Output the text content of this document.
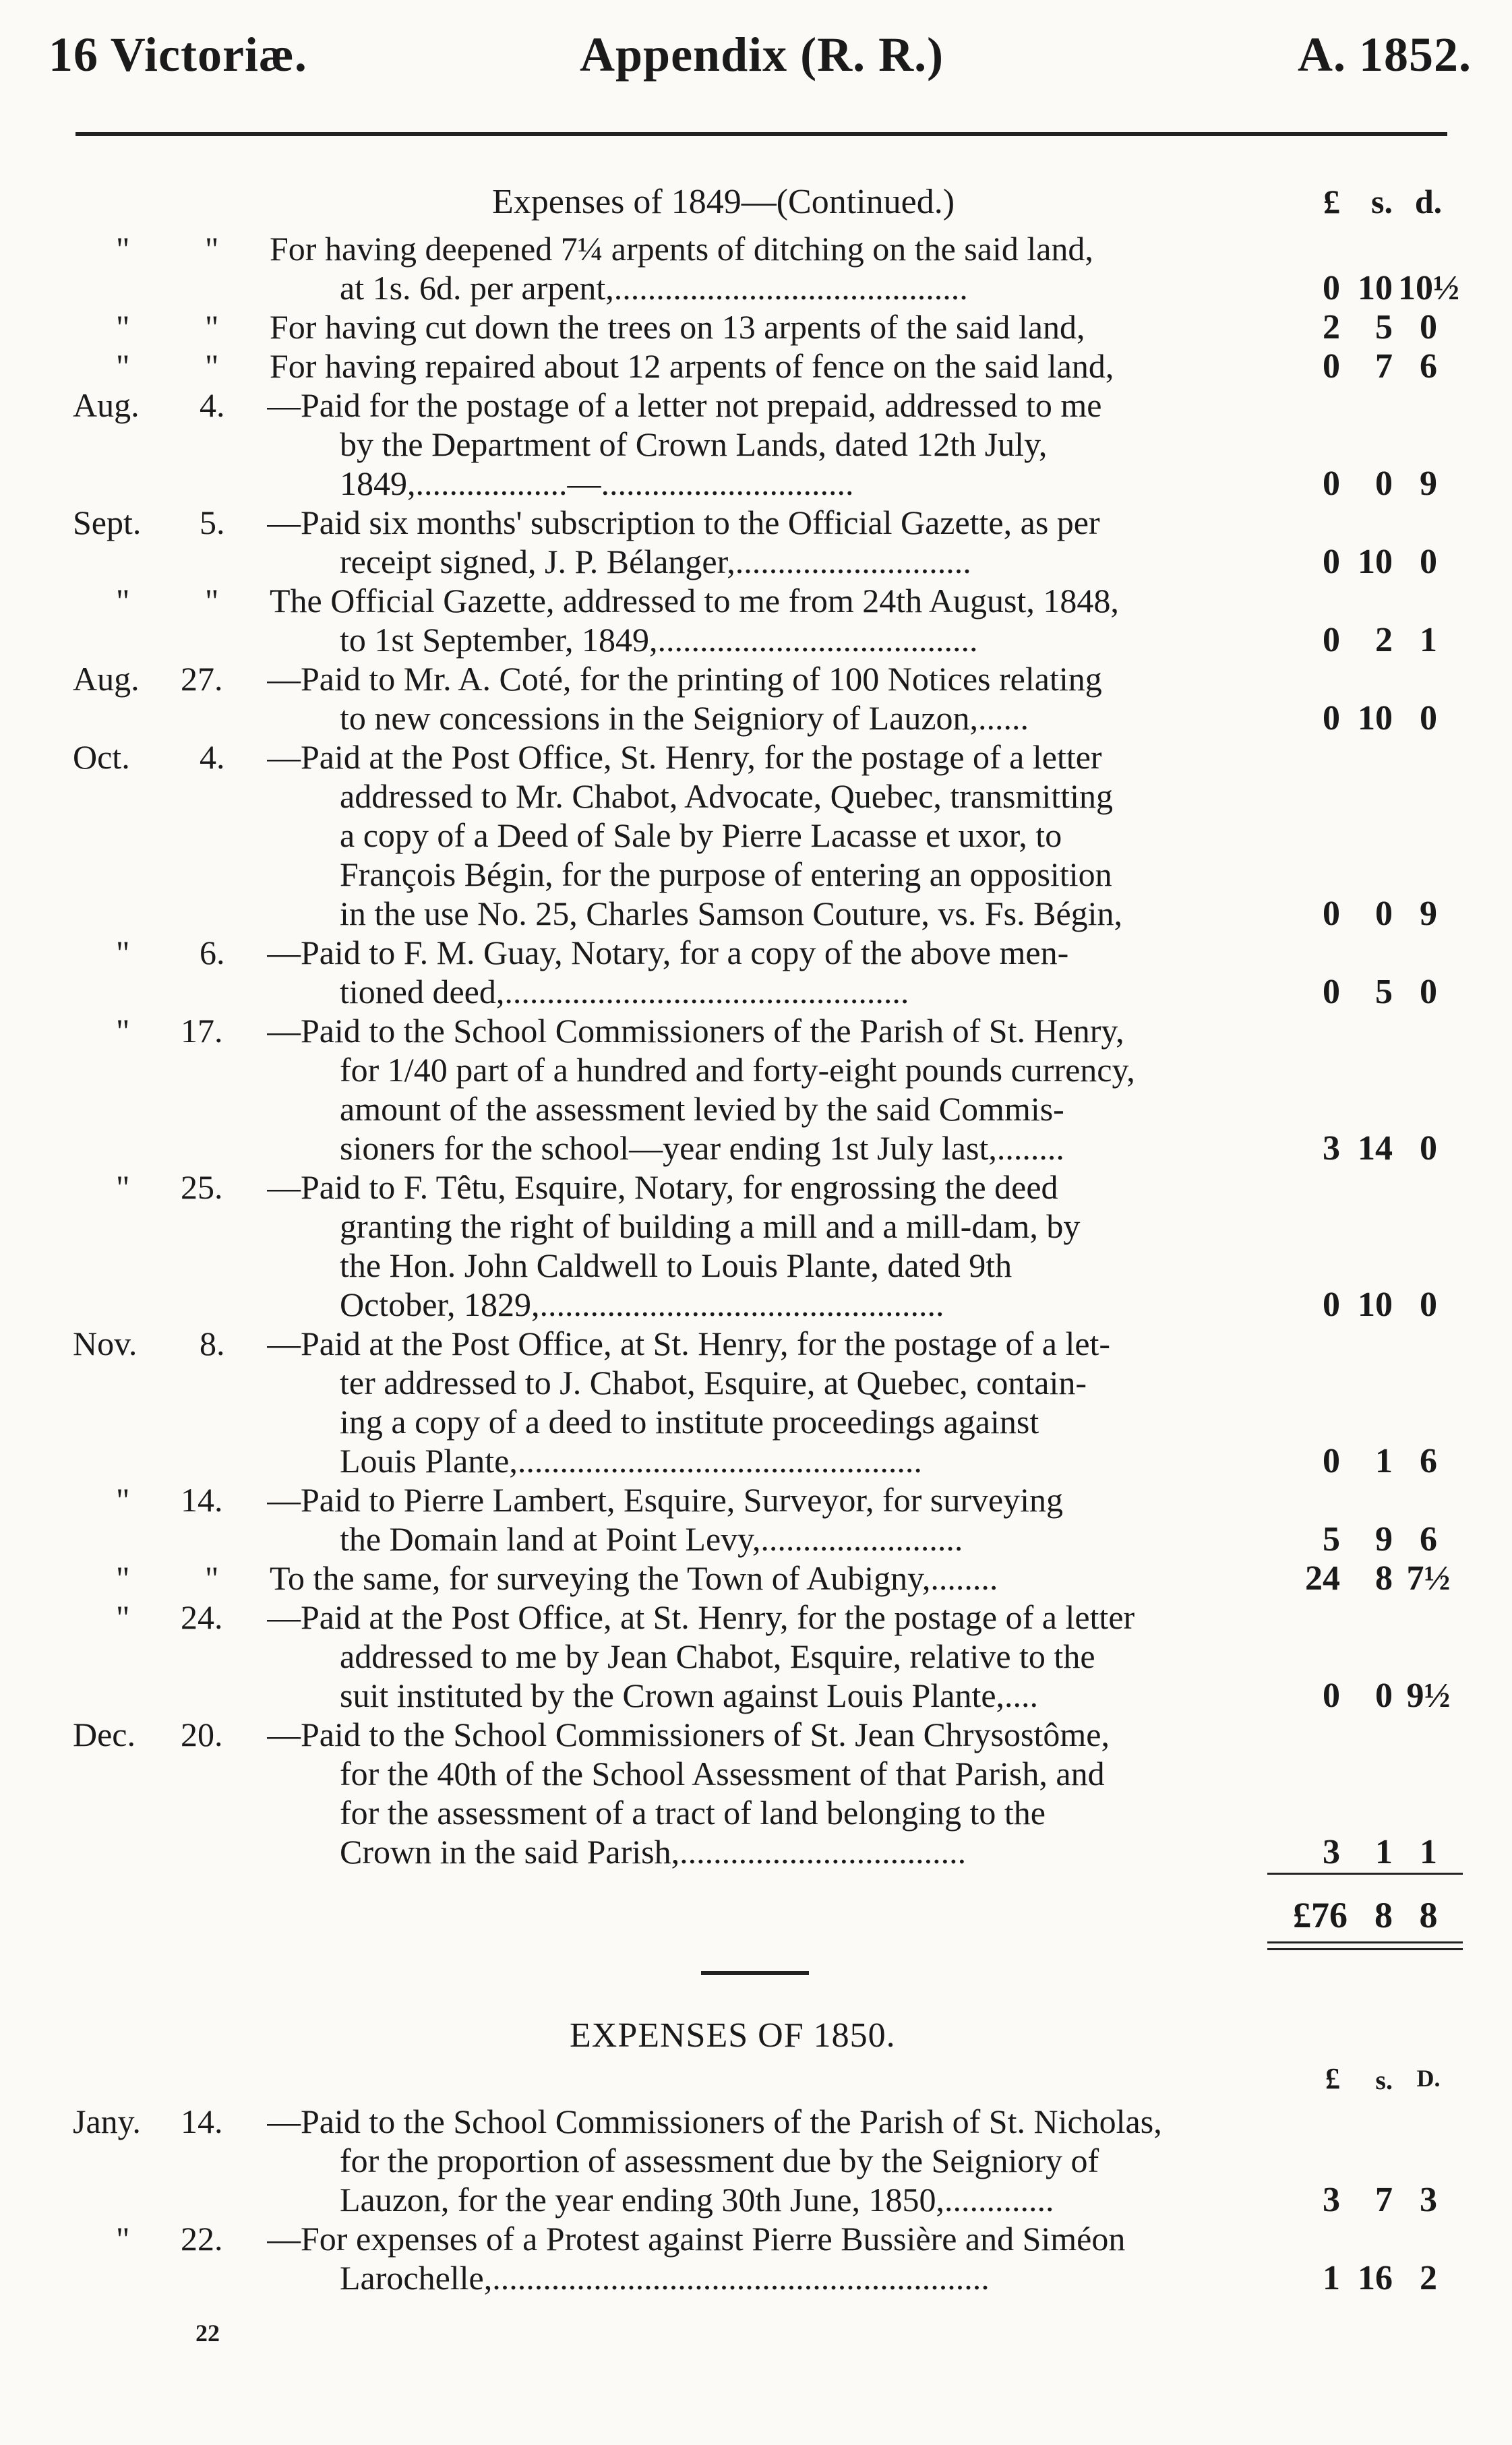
16 Victoriæ.	Appendix (R. R.)	A. 1852.
Expenses of 1849—(Continued.)	£ s. d.
" " For having deepened 7¼ arpents of ditching on the said land,
at 1s. 6d. per arpent,..........................................	0 10 10½
" " For having cut down the trees on 13 arpents of the said land,	2	5 0
" " For having repaired about 12 arpents of fence on the said land,	0	7 6
Aug. 4. —Paid for the postage of a letter not prepaid, addressed to me
by the Department of Crown Lands, dated 12th July,
1849,..................—..............................	0	0 9
Sept. 5. —Paid six months' subscription to the Official Gazette, as per
receipt signed, J. P. Bélanger,............................	0 10 0
" " The Official Gazette, addressed to me from 24th August, 1848,
to 1st September, 1849,......................................	0	2 1
Aug. 27. —Paid to Mr. A. Coté, for the printing of 100 Notices relating
to new concessions in the Seigniory of Lauzon,......	0 10 0
Oct. 4. —Paid at the Post Office, St. Henry, for the postage of a letter
addressed to Mr. Chabot, Advocate, Quebec, transmitting
a copy of a Deed of Sale by Pierre Lacasse et uxor, to
François Bégin, for the purpose of entering an opposition
in the use No. 25, Charles Samson Couture, vs. Fs. Bégin,	0	0 9
" 6. —Paid to F. M. Guay, Notary, for a copy of the above men-
tioned deed,................................................	0	5 0
" 17. —Paid to the School Commissioners of the Parish of St. Henry,
for 1/40 part of a hundred and forty-eight pounds currency,
amount of the assessment levied by the said Commis-
sioners for the school—year ending 1st July last,........	3 14 0
" 25. —Paid to F. Têtu, Esquire, Notary, for engrossing the deed
granting the right of building a mill and a mill-dam, by
the Hon. John Caldwell to Louis Plante, dated 9th
October, 1829,................................................	0 10 0
Nov. 8. —Paid at the Post Office, at St. Henry, for the postage of a let-
ter addressed to J. Chabot, Esquire, at Quebec, contain-
ing a copy of a deed to institute proceedings against
Louis Plante,................................................	0	1 6
" 14. —Paid to Pierre Lambert, Esquire, Surveyor, for surveying
the Domain land at Point Levy,........................	5	9 6
" " To the same, for surveying the Town of Aubigny,........	24	8 7½
" 24. —Paid at the Post Office, at St. Henry, for the postage of a letter
addressed to me by Jean Chabot, Esquire, relative to the
suit instituted by the Crown against Louis Plante,....	0	0 9½
Dec. 20. —Paid to the School Commissioners of St. Jean Chrysostôme,
for the 40th of the School Assessment of that Parish, and
for the assessment of a tract of land belonging to the
Crown in the said Parish,..................................	3	1 1
£76 8 8
EXPENSES OF 1850.
£	s. D.
Jany. 14. —Paid to the School Commissioners of the Parish of St. Nicholas,
for the proportion of assessment due by the Seigniory of
Lauzon, for the year ending 30th June, 1850,.............	3	7 3
" 22. —For expenses of a Protest against Pierre Bussière and Siméon
Larochelle,...........................................................	1 16 2
22
